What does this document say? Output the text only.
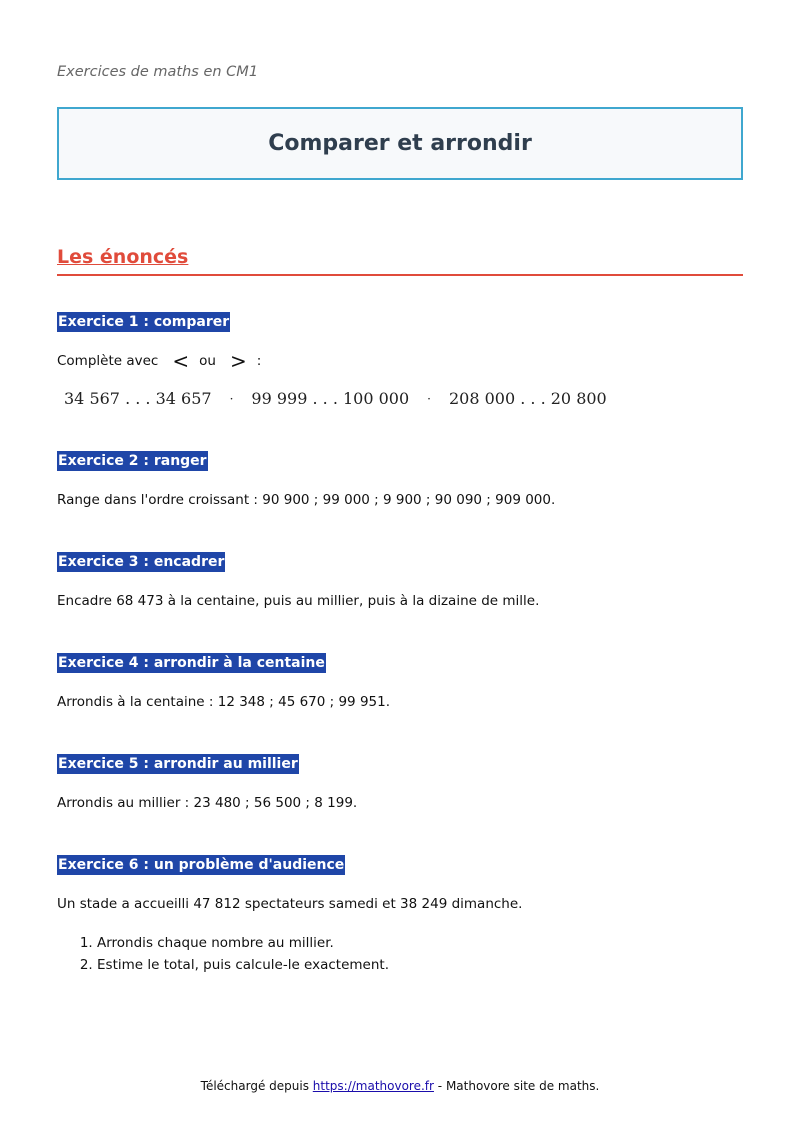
Exercices de maths en CM1
Comparer et arrondir
Les énoncés
Exercice 1 : comparer
Complète avec < ou > :
34 567 . . . 34 657 · 99 999 . . . 100 000 · 208 000 . . . 20 800
Exercice 2 : ranger
Range dans l'ordre croissant : 90 900 ; 99 000 ; 9 900 ; 90 090 ; 909 000.
Exercice 3 : encadrer
Encadre 68 473 à la centaine, puis au millier, puis à la dizaine de mille.
Exercice 4 : arrondir à la centaine
Arrondis à la centaine : 12 348 ; 45 670 ; 99 951.
Exercice 5 : arrondir au millier
Arrondis au millier : 23 480 ; 56 500 ; 8 199.
Exercice 6 : un problème d'audience
Un stade a accueilli 47 812 spectateurs samedi et 38 249 dimanche.
1. Arrondis chaque nombre au millier.
2. Estime le total, puis calcule-le exactement.
Téléchargé depuis https://mathovore.fr - Mathovore site de maths.
